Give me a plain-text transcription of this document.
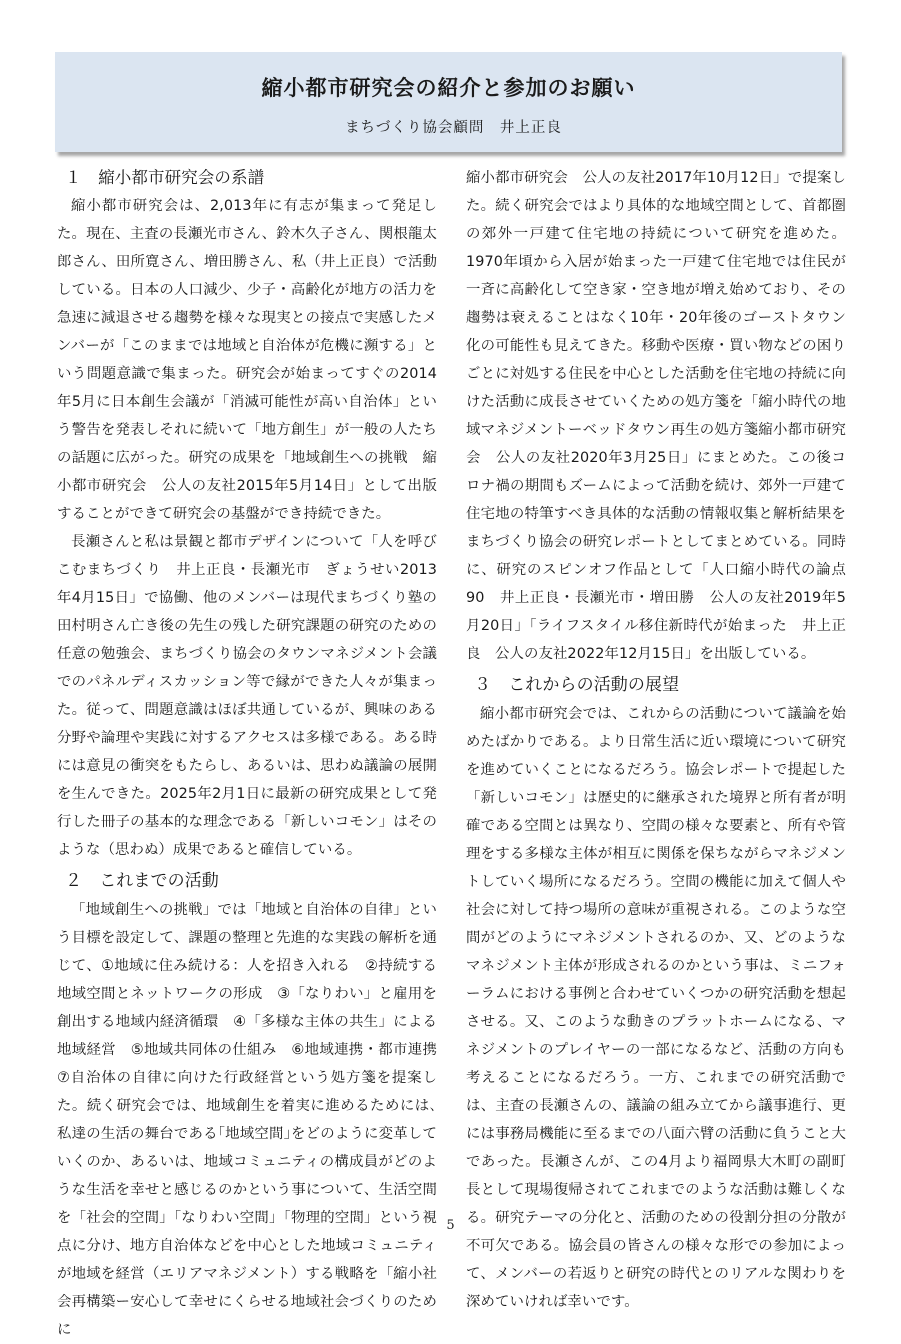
縮小都市研究会の紹介と参加のお願い
まちづくり協会顧問　井上正良
１　縮小都市研究会の系譜

縮小都市研究会は、2,013年に有志が集まって発足した。現在、主査の長瀬光市さん、鈴木久子さん、関根龍太郎さん、田所寛さん、増田勝さん、私（井上正良）で活動している。日本の人口減少、少子・高齢化が地方の活力を急速に減退させる趨勢を様々な現実との接点で実感したメンバーが「このままでは地域と自治体が危機に瀕する」という問題意識で集まった。研究会が始まってすぐの2014年5月に日本創生会議が「消滅可能性が高い自治体」という警告を発表しそれに続いて「地方創生」が一般の人たちの話題に広がった。研究の成果を「地域創生への挑戦　縮小都市研究会　公人の友社2015年5月14日」として出版することができて研究会の基盤ができ持続できた。

長瀬さんと私は景観と都市デザインについて「人を呼びこむまちづくり　井上正良・長瀬光市　ぎょうせい2013年4月15日」で協働、他のメンバーは現代まちづくり塾の田村明さん亡き後の先生の残した研究課題の研究のための任意の勉強会、まちづくり協会のタウンマネジメント会議でのパネルディスカッション等で縁ができた人々が集まった。従って、問題意識はほぼ共通しているが、興味のある分野や論理や実践に対するアクセスは多様である。ある時には意見の衝突をもたらし、あるいは、思わぬ議論の展開を生んできた。2025年2月1日に最新の研究成果として発行した冊子の基本的な理念である「新しいコモン」はそのような（思わぬ）成果であると確信している。

２　これまでの活動

「地域創生への挑戦」では「地域と自治体の自律」という目標を設定して、課題の整理と先進的な実践の解析を通じて、①地域に住み続ける：人を招き入れる　②持続する地域空間とネットワークの形成　③「なりわい」と雇用を創出する地域内経済循環　④「多様な主体の共生」による地域経営　⑤地域共同体の仕組み　⑥地域連携・都市連携　⑦自治体の自律に向けた行政経営という処方箋を提案した。続く研究会では、地域創生を着実に進めるためには､私達の生活の舞台である｢地域空間｣をどのように変革していくのか、あるいは、地域コミュニティの構成員がどのような生活を幸せと感じるのかという事について、生活空間を「社会的空間」「なりわい空間」「物理的空間」という視点に分け、地方自治体などを中心とした地域コミュニティが地域を経営（エリアマネジメント）する戦略を「縮小社会再構築ー安心して幸せにくらせる地域社会づくりのために

縮小都市研究会　公人の友社2017年10月12日」で提案した。続く研究会ではより具体的な地域空間として、首都圏の郊外一戸建て住宅地の持続について研究を進めた。1970年頃から入居が始まった一戸建て住宅地では住民が一斉に高齢化して空き家・空き地が増え始めており、その趨勢は衰えることはなく10年・20年後のゴーストタウン化の可能性も見えてきた。移動や医療・買い物などの困りごとに対処する住民を中心とした活動を住宅地の持続に向けた活動に成長させていくための処方箋を「縮小時代の地域マネジメントーベッドタウン再生の処方箋縮小都市研究会　公人の友社2020年3月25日」にまとめた。この後コロナ禍の期間もズームによって活動を続け、郊外一戸建て住宅地の特筆すべき具体的な活動の情報収集と解析結果をまちづくり協会の研究レポートとしてまとめている。同時に、研究のスピンオフ作品として「人口縮小時代の論点90　井上正良・長瀬光市・増田勝　公人の友社2019年5月20日」「ライフスタイル移住新時代が始まった　井上正良　公人の友社2022年12月15日」を出版している。

３　これからの活動の展望

縮小都市研究会では、これからの活動について議論を始めたばかりである。より日常生活に近い環境について研究を進めていくことになるだろう。協会レポートで提起した「新しいコモン」は歴史的に継承された境界と所有者が明確である空間とは異なり、空間の様々な要素と、所有や管理をする多様な主体が相互に関係を保ちながらマネジメントしていく場所になるだろう。空間の機能に加えて個人や社会に対して持つ場所の意味が重視される。このような空間がどのようにマネジメントされるのか、又、どのようなマネジメント主体が形成されるのかという事は、ミニフォーラムにおける事例と合わせていくつかの研究活動を想起させる。又、このような動きのプラットホームになる、マネジメントのプレイヤーの一部になるなど、活動の方向も考えることになるだろう。一方、これまでの研究活動では、主査の長瀬さんの、議論の組み立てから議事進行、更には事務局機能に至るまでの八面六臂の活動に負うこと大であった。長瀬さんが、この4月より福岡県大木町の副町長として現場復帰されてこれまでのような活動は難しくなる。研究テーマの分化と、活動のための役割分担の分散が不可欠である。協会員の皆さんの様々な形での参加によって、メンバーの若返りと研究の時代とのリアルな関わりを深めていければ幸いです。

5
